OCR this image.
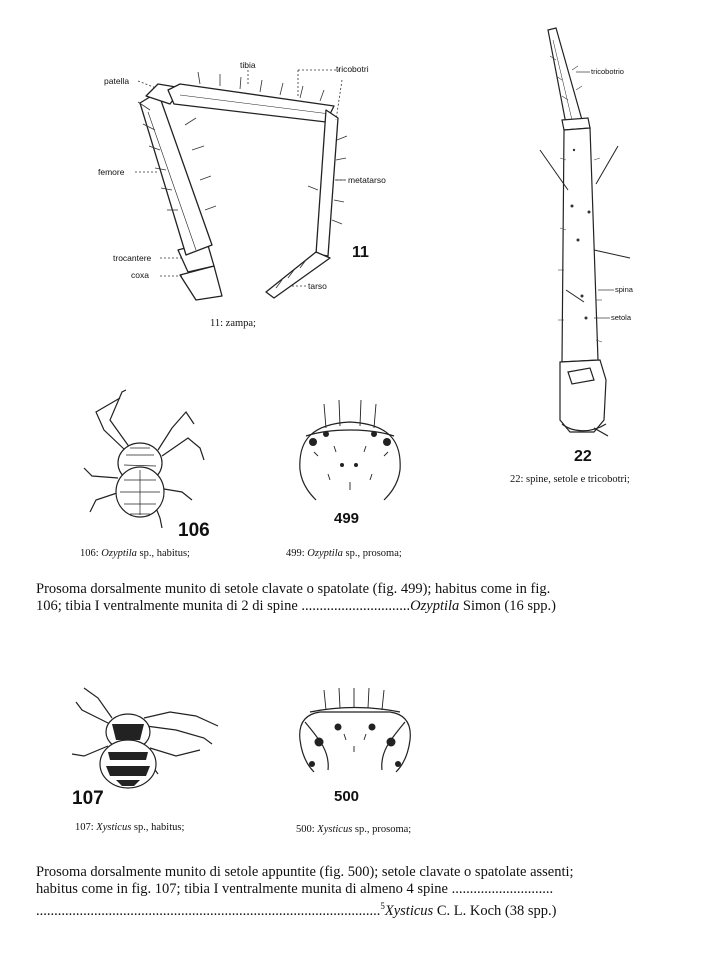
patella
tibia	tricobotri
femore
metatarso
trocantere
coxa
tarso
11
11: zampa;
tricobotrio
spina
setola
22
22: spine, setole e tricobotri;
106
106: Ozyptila sp., habitus;
499
499: Ozyptila sp., prosoma;
Prosoma dorsalmente munito di setole clavate o spatolate (fig. 499); habitus come in fig.
106; tibia I ventralmente munita di 2 di spine ..............................Ozyptila Simon (16 spp.)
107
107: Xysticus sp., habitus;
500
500: Xysticus sp., prosoma;
Prosoma dorsalmente munito di setole appuntite (fig. 500); setole clavate o spatolate assenti;
habitus come in fig. 107; tibia I ventralmente munita di almeno 4 spine ............................
...............................................................................................$^5$Xysticus C. L. Koch (38 spp.)
